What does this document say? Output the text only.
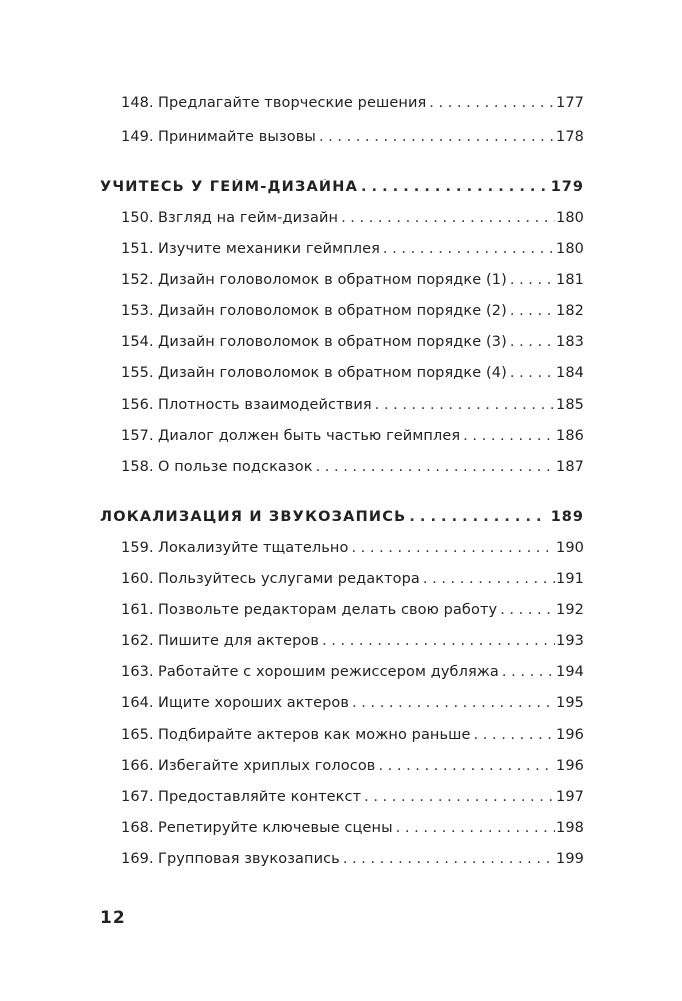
148. Предлагайте творческие решения . . .	177
149. Принимайте вызовы . . .	178
УЧИТЕСЬ У ГЕЙМ-ДИЗАЙНА . . .	179
150. Взгляд на гейм-дизайн . . .	180
151. Изучите механики геймплея . . .	180
152. Дизайн головоломок в обратном порядке (1) . . .	181
153. Дизайн головоломок в обратном порядке (2) . . .	182
154. Дизайн головоломок в обратном порядке (3) . . .	183
155. Дизайн головоломок в обратном порядке (4) . . .	184
156. Плотность взаимодействия . . .	185
157. Диалог должен быть частью геймплея . . .	186
158. О пользе подсказок . . .	187
ЛОКАЛИЗАЦИЯ И ЗВУКОЗАПИСЬ . . .	189
159. Локализуйте тщательно . . .	190
160. Пользуйтесь услугами редактора . . .	191
161. Позвольте редакторам делать свою работу . . .	192
162. Пишите для актеров . . .	193
163. Работайте с хорошим режиссером дубляжа . . .	194
164. Ищите хороших актеров . . .	195
165. Подбирайте актеров как можно раньше . . .	196
166. Избегайте хриплых голосов . . .	196
167. Предоставляйте контекст . . .	197
168. Репетируйте ключевые сцены . . .	198
169. Групповая звукозапись . . .	199
12
